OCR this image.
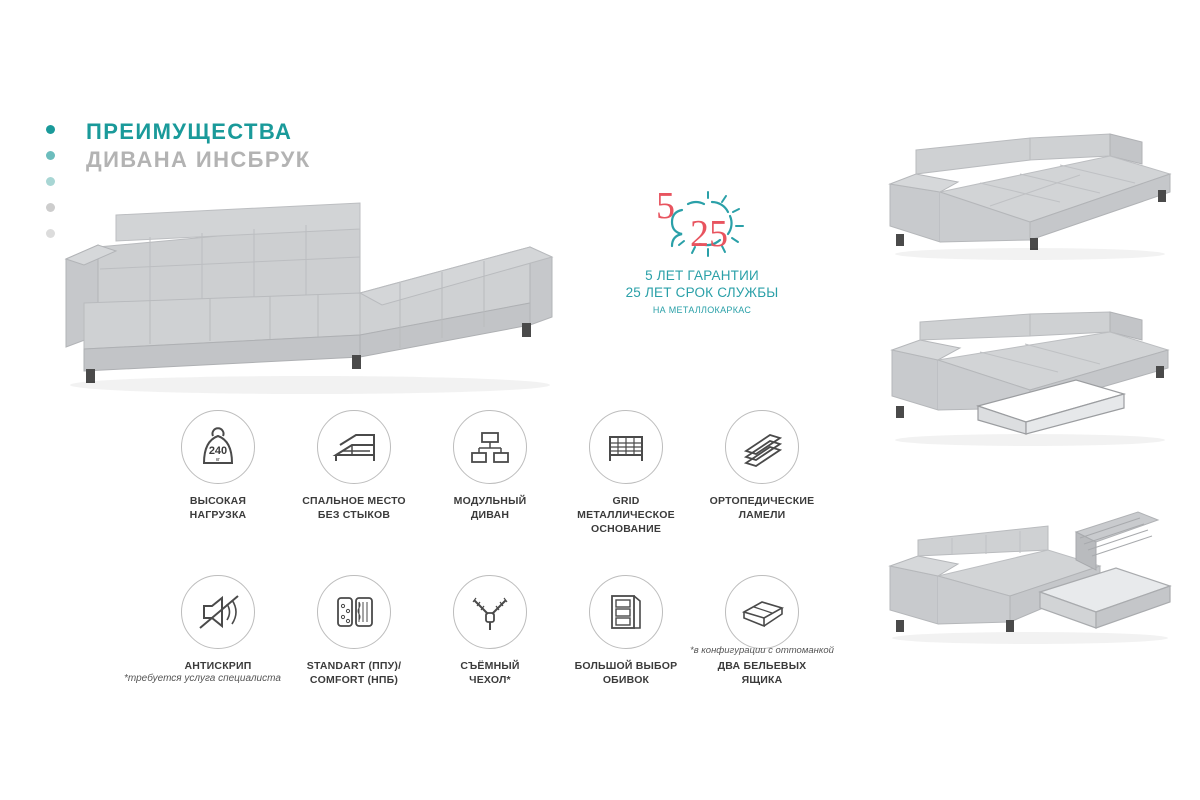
ПРЕИМУЩЕСТВА
ДИВАНА ИНСБРУК
5
25
5 ЛЕТ ГАРАНТИИ
25 ЛЕТ СРОК СЛУЖБЫ
НА МЕТАЛЛОКАРКАС
240
кг
ВЫСОКАЯ
НАГРУЗКА
СПАЛЬНОЕ МЕСТО
БЕЗ СТЫКОВ
МОДУЛЬНЫЙ
ДИВАН
GRID
МЕТАЛЛИЧЕСКОЕ
ОСНОВАНИЕ
ОРТОПЕДИЧЕСКИЕ
ЛАМЕЛИ
АНТИСКРИП	STANDART (ППУ)/
COMFORT (НПБ)
СЪЁМНЫЙ
ЧЕХОЛ*
БОЛЬШОЙ ВЫБОР
ОБИВОК
ДВА БЕЛЬЕВЫХ
ЯЩИКА
*в конфигурации с оттоманкой
*требуется услуга специалиста
